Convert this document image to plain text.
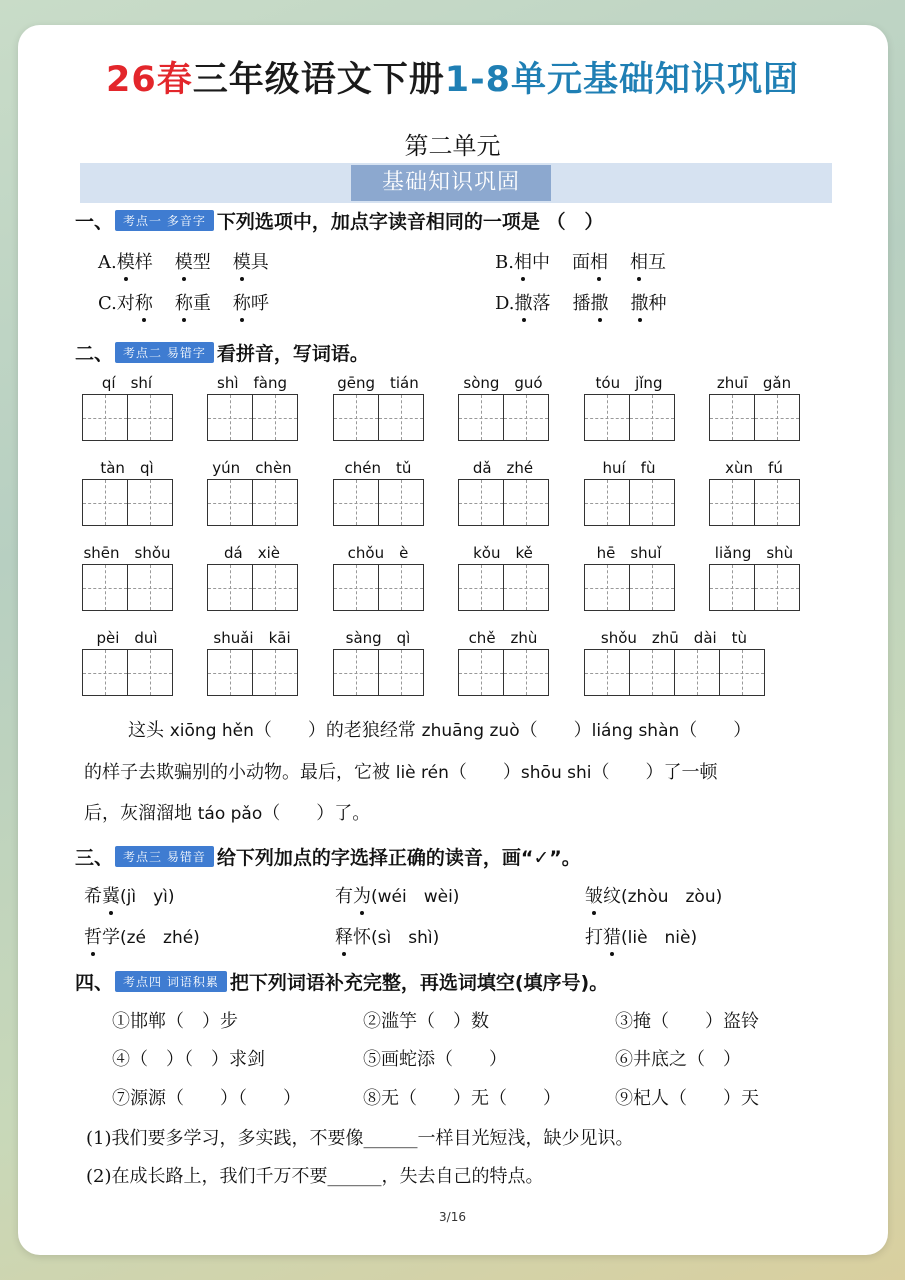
26春三年级语文下册1-8单元基础知识巩固
第二单元
基础知识巩固
一、 考点一 多音字 下列选项中，加点字读音相同的一项是 （　）
A.模样 模型 模具	B.相中 面相 相互
C.对称 称重 称呼	D.撒落 播撒 撒种
二、 考点二 易错字 看拼音，写词语。
qí　shí	shì　fàng	gēng　tián	sòng　guó	tóu　jǐng	zhuī　gǎn
tàn　qì	yún　chèn	chén　tǔ	dǎ　zhé	huí　fù	xùn　fú
shēn　shǒu	dá　xiè	chǒu　è	kǒu　kě	hē　shuǐ	liǎng　shù
pèi　duì	shuǎi　kāi	sàng　qì	chě　zhù	shǒu　zhū　dài　tù
这头 xiōng hěn（　　）的老狼经常 zhuāng zuò（　　）liáng shàn（　　）
的样子去欺骗别的小动物。最后，它被 liè rén（　　）shōu shi（　　）了一顿
后，灰溜溜地 táo pǎo（　　）了。
三、 考点三 易错音 给下列加点的字选择正确的读音，画“✓”。
希冀(jì　yì)	有为(wéi　wèi)	皱纹(zhòu　zòu)
哲学(zé　zhé)	释怀(sì　shì)	打猎(liè　niè)
四、 考点四 词语积累 把下列词语补充完整，再选词填空(填序号)。
①邯郸（　）步	②滥竽（　）数	③掩（　　）盗铃
④（　）（　）求剑	⑤画蛇添（　　）	⑥井底之（　）
⑦源源（　　）（　　）	⑧无（　　）无（　　）	⑨杞人（　　）天
(1)我们要多学习，多实践，不要像______一样目光短浅，缺少见识。
(2)在成长路上，我们千万不要______，失去自己的特点。
3/16
